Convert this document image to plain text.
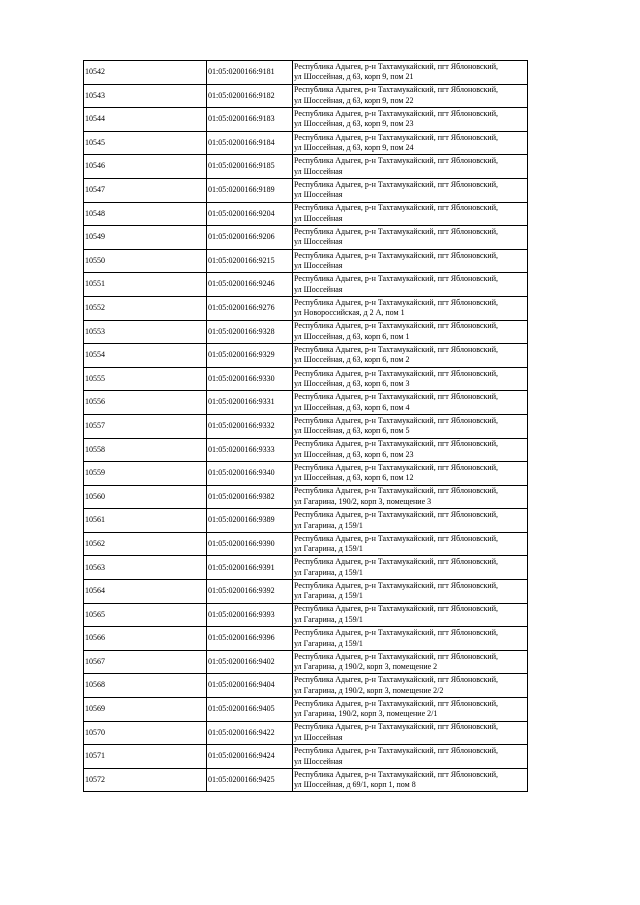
10542	01:05:0200166:9181	Республика Адыгея, р-н Тахтамукайский, пгт Яблоновский,
ул Шоссейная, д 63, корп 9, пом 21

10543	01:05:0200166:9182	Республика Адыгея, р-н Тахтамукайский, пгт Яблоновский,
ул Шоссейная, д 63, корп 9, пом 22

10544	01:05:0200166:9183	Республика Адыгея, р-н Тахтамукайский, пгт Яблоновский,
ул Шоссейная, д 63, корп 9, пом 23

10545	01:05:0200166:9184	Республика Адыгея, р-н Тахтамукайский, пгт Яблоновский,
ул Шоссейная, д 63, корп 9, пом 24

10546	01:05:0200166:9185	Республика Адыгея, р-н Тахтамукайский, пгт Яблоновский,
ул Шоссейная

10547	01:05:0200166:9189	Республика Адыгея, р-н Тахтамукайский, пгт Яблоновский,
ул Шоссейная

10548	01:05:0200166:9204	Республика Адыгея, р-н Тахтамукайский, пгт Яблоновский,
ул Шоссейная

10549	01:05:0200166:9206	Республика Адыгея, р-н Тахтамукайский, пгт Яблоновский,
ул Шоссейная

10550	01:05:0200166:9215	Республика Адыгея, р-н Тахтамукайский, пгт Яблоновский,
ул Шоссейная

10551	01:05:0200166:9246	Республика Адыгея, р-н Тахтамукайский, пгт Яблоновский,
ул Шоссейная

10552	01:05:0200166:9276	Республика Адыгея, р-н Тахтамукайский, пгт Яблоновский,
ул Новороссийская, д 2 А, пом 1

10553	01:05:0200166:9328	Республика Адыгея, р-н Тахтамукайский, пгт Яблоновский,
ул Шоссейная, д 63, корп 6, пом 1

10554	01:05:0200166:9329	Республика Адыгея, р-н Тахтамукайский, пгт Яблоновский,
ул Шоссейная, д 63, корп 6, пом 2

10555	01:05:0200166:9330	Республика Адыгея, р-н Тахтамукайский, пгт Яблоновский,
ул Шоссейная, д 63, корп 6, пом 3

10556	01:05:0200166:9331	Республика Адыгея, р-н Тахтамукайский, пгт Яблоновский,
ул Шоссейная, д 63, корп 6, пом 4

10557	01:05:0200166:9332	Республика Адыгея, р-н Тахтамукайский, пгт Яблоновский,
ул Шоссейная, д 63, корп 6, пом 5

10558	01:05:0200166:9333	Республика Адыгея, р-н Тахтамукайский, пгт Яблоновский,
ул Шоссейная, д 63, корп 6, пом 23

10559	01:05:0200166:9340	Республика Адыгея, р-н Тахтамукайский, пгт Яблоновский,
ул Шоссейная, д 63, корп 6, пом 12

10560	01:05:0200166:9382	Республика Адыгея, р-н Тахтамукайский, пгт Яблоновский,
ул Гагарина, 190/2, корп 3, помещение 3

10561	01:05:0200166:9389	Республика Адыгея, р-н Тахтамукайский, пгт Яблоновский,
ул Гагарина, д 159/1

10562	01:05:0200166:9390	Республика Адыгея, р-н Тахтамукайский, пгт Яблоновский,
ул Гагарина, д 159/1

10563	01:05:0200166:9391	Республика Адыгея, р-н Тахтамукайский, пгт Яблоновский,
ул Гагарина, д 159/1

10564	01:05:0200166:9392	Республика Адыгея, р-н Тахтамукайский, пгт Яблоновский,
ул Гагарина, д 159/1

10565	01:05:0200166:9393	Республика Адыгея, р-н Тахтамукайский, пгт Яблоновский,
ул Гагарина, д 159/1

10566	01:05:0200166:9396	Республика Адыгея, р-н Тахтамукайский, пгт Яблоновский,
ул Гагарина, д 159/1

10567	01:05:0200166:9402	Республика Адыгея, р-н Тахтамукайский, пгт Яблоновский,
ул Гагарина, д 190/2, корп 3, помещение 2

10568	01:05:0200166:9404	Республика Адыгея, р-н Тахтамукайский, пгт Яблоновский,
ул Гагарина, д 190/2, корп 3, помещение 2/2

10569	01:05:0200166:9405	Республика Адыгея, р-н Тахтамукайский, пгт Яблоновский,
ул Гагарина, 190/2, корп 3, помещение 2/1

10570	01:05:0200166:9422	Республика Адыгея, р-н Тахтамукайский, пгт Яблоновский,
ул Шоссейная

10571	01:05:0200166:9424	Республика Адыгея, р-н Тахтамукайский, пгт Яблоновский,
ул Шоссейная

10572	01:05:0200166:9425	Республика Адыгея, р-н Тахтамукайский, пгт Яблоновский,
ул Шоссейная, д 69/1, корп 1, пом 8
